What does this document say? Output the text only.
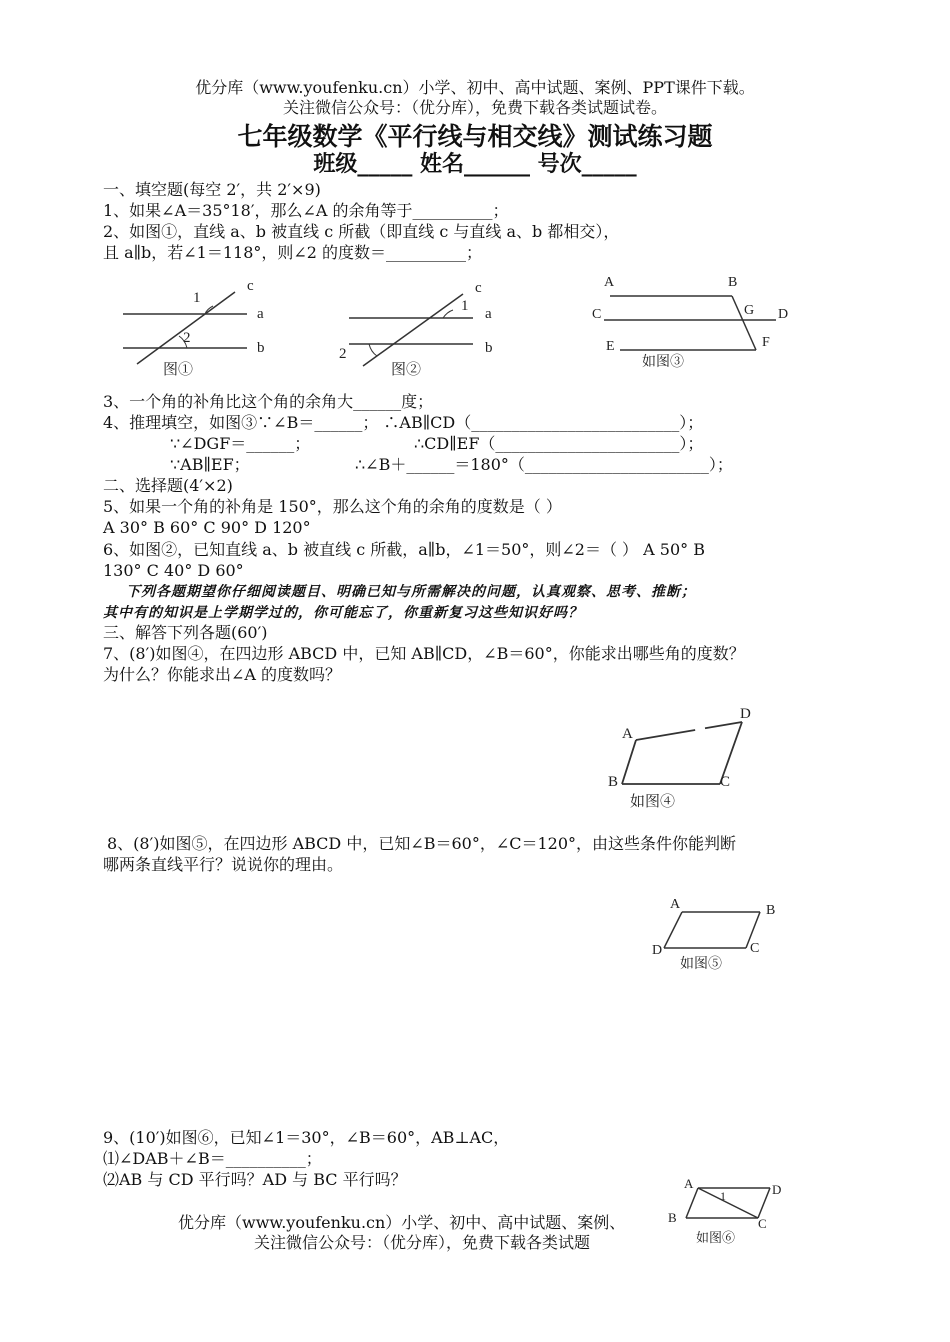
优分库（www.youfenku.cn）小学、初中、高中试题、案例、PPT课件下载。
关注微信公众号：（优分库），免费下载各类试题试卷。
七年级数学《平行线与相交线》测试练习题
班级_____ 姓名______ 号次_____
一、填空题(每空 2′，共 2′×9)
1、如果∠A＝35°18′，那么∠A 的余角等于__________；
2、如图①，直线 a、b 被直线 c 所截（即直线 c 与直线 a、b 都相交），
且 a∥b，若∠1＝118°，则∠2 的度数＝__________；
1
2
a
b
c
图①
1
2
a
b
c
图②
A	B
C	G D
E	F
如图③
3、一个角的补角比这个角的余角大______度；
4、推理填空，如图③∵∠B＝______； ∴AB∥CD（__________________________）；
∵∠DGF＝______；	∴CD∥EF（_______________________）；
∵AB∥EF；	∴∠B＋______＝180°（_______________________）；
二、选择题(4′×2)
5、如果一个角的补角是 150°，那么这个角的余角的度数是（ ）
A 30° B 60° C 90° D 120°
6、如图②，已知直线 a、b 被直线 c 所截，a∥b，∠1＝50°，则∠2＝（ ） A 50° B
130° C 40° D 60°
下列各题期望你仔细阅读题目、明确已知与所需解决的问题，认真观察、思考、推断；
其中有的知识是上学期学过的，你可能忘了，你重新复习这些知识好吗？
三、解答下列各题(60′)
7、(8′)如图④，在四边形 ABCD 中，已知 AB∥CD，∠B＝60°，你能求出哪些角的度数？
为什么？你能求出∠A 的度数吗？
A
B	C
D
如图④
8、(8′)如图⑤，在四边形 ABCD 中，已知∠B＝60°，∠C＝120°，由这些条件你能判断
哪两条直线平行？说说你的理由。
A	B
C
D
如图⑤
9、(10′)如图⑥，已知∠1＝30°，∠B＝60°，AB⊥AC，
⑴∠DAB＋∠B＝__________；
⑵AB 与 CD 平行吗？AD 与 BC 平行吗？	A
B	C
D
1
如图⑥
优分库（www.youfenku.cn）小学、初中、高中试题、案例、
关注微信公众号：（优分库），免费下载各类试题
